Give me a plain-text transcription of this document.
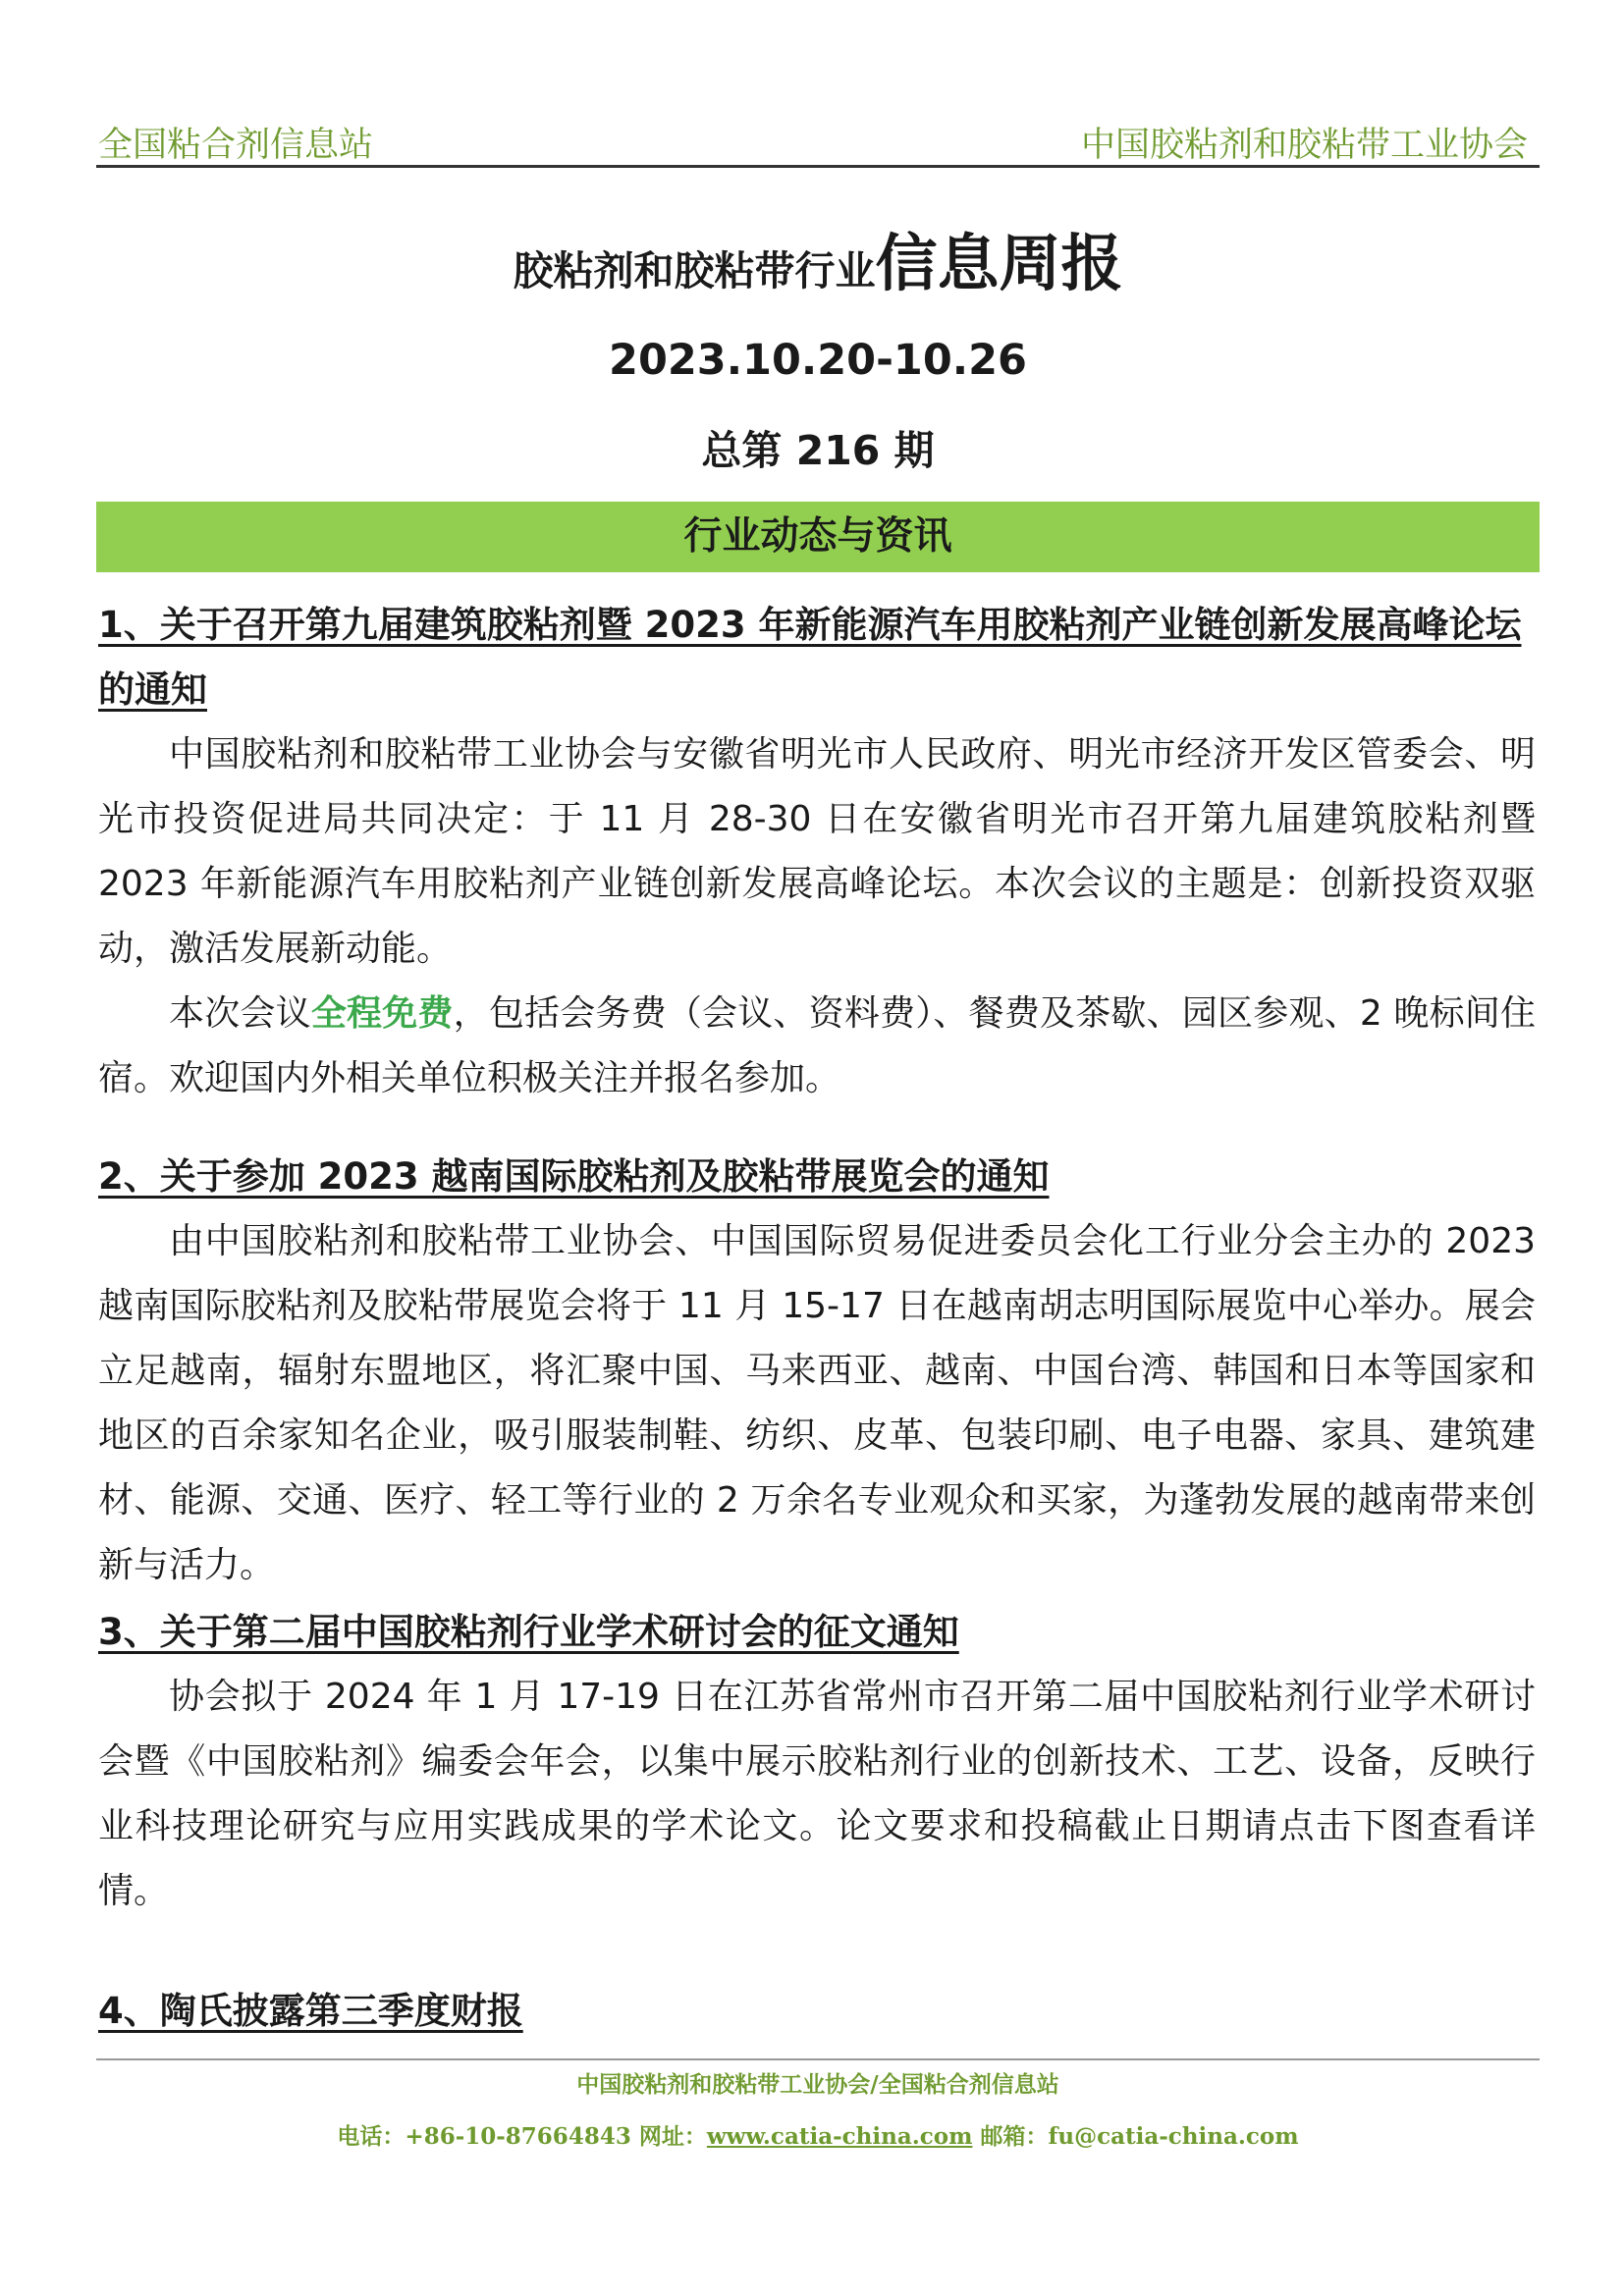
全国粘合剂信息站	中国胶粘剂和胶粘带工业协会
胶粘剂和胶粘带行业信息周报
2023.10.20-10.26
总第 216 期
行业动态与资讯

1、关于召开第九届建筑胶粘剂暨 2023 年新能源汽车用胶粘剂产业链创新发展高峰论坛的通知

中国胶粘剂和胶粘带工业协会与安徽省明光市人民政府、明光市经济开发区管委会、明光市投资促进局共同决定：于 11 月 28-30 日在安徽省明光市召开第九届建筑胶粘剂暨 2023 年新能源汽车用胶粘剂产业链创新发展高峰论坛。本次会议的主题是：创新投资双驱动，激活发展新动能。

本次会议全程免费，包括会务费（会议、资料费）、餐费及茶歇、园区参观、2 晚标间住宿。欢迎国内外相关单位积极关注并报名参加。

2、关于参加 2023 越南国际胶粘剂及胶粘带展览会的通知

由中国胶粘剂和胶粘带工业协会、中国国际贸易促进委员会化工行业分会主办的 2023 越南国际胶粘剂及胶粘带展览会将于 11 月 15-17 日在越南胡志明国际展览中心举办。展会立足越南，辐射东盟地区，将汇聚中国、马来西亚、越南、中国台湾、韩国和日本等国家和地区的百余家知名企业，吸引服装制鞋、纺织、皮革、包装印刷、电子电器、家具、建筑建材、能源、交通、医疗、轻工等行业的 2 万余名专业观众和买家，为蓬勃发展的越南带来创新与活力。

3、关于第二届中国胶粘剂行业学术研讨会的征文通知

协会拟于 2024 年 1 月 17-19 日在江苏省常州市召开第二届中国胶粘剂行业学术研讨会暨《中国胶粘剂》编委会年会，以集中展示胶粘剂行业的创新技术、工艺、设备，反映行业科技理论研究与应用实践成果的学术论文。论文要求和投稿截止日期请点击下图查看详情。

4、陶氏披露第三季度财报

中国胶粘剂和胶粘带工业协会/全国粘合剂信息站
电话：+86-10-87664843 网址：www.catia-china.com 邮箱：fu@catia-china.com
